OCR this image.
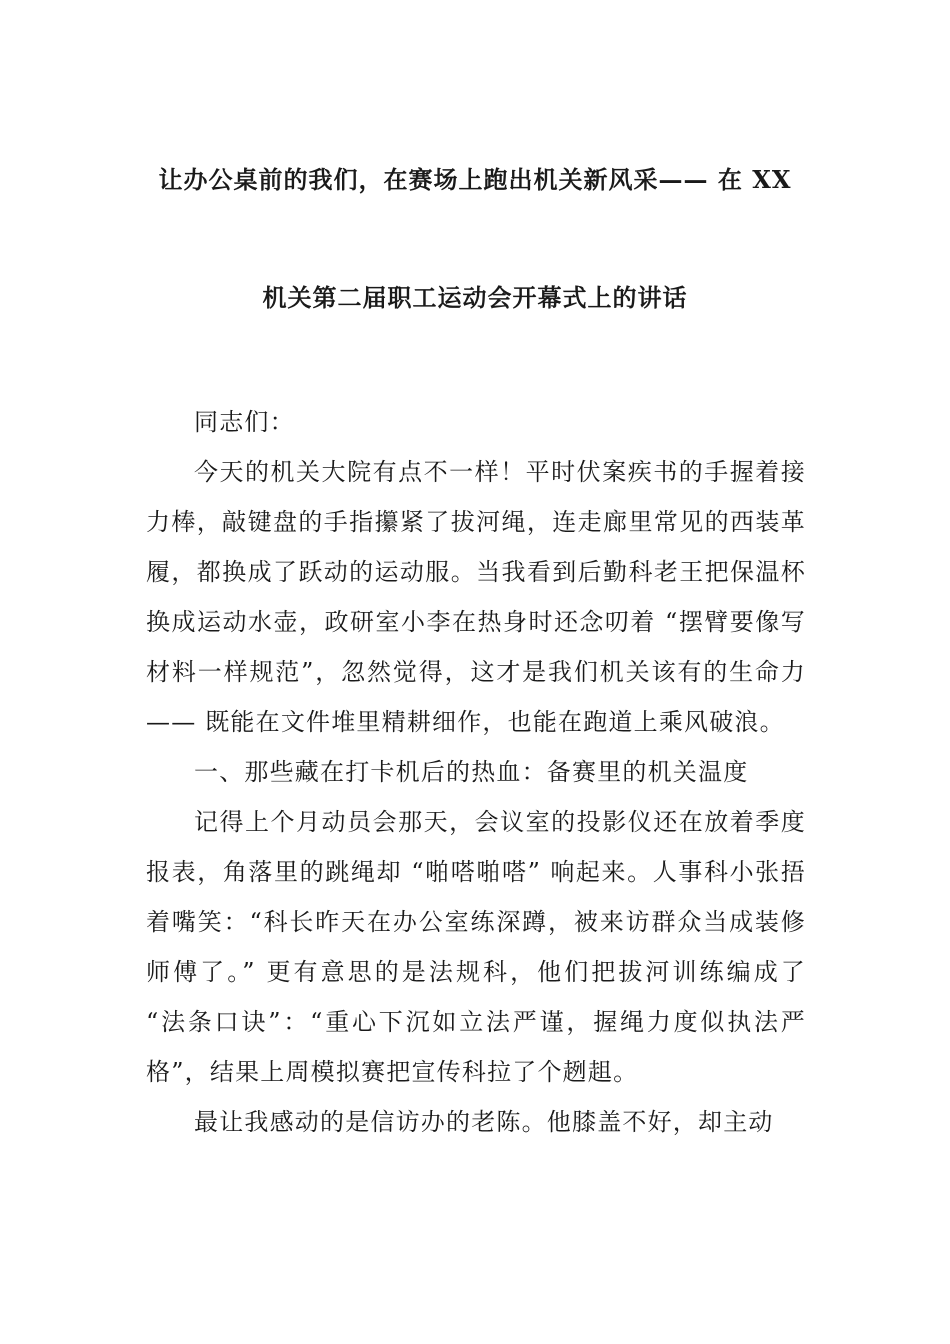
让办公桌前的我们，在赛场上跑出机关新风采—— 在 XX
机关第二届职工运动会开幕式上的讲话

同志们：

今天的机关大院有点不一样！平时伏案疾书的手握着接力棒，敲键盘的手指攥紧了拔河绳，连走廊里常见的西装革履，都换成了跃动的运动服。当我看到后勤科老王把保温杯换成运动水壶，政研室小李在热身时还念叨着 “摆臂要像写材料一样规范”，忽然觉得，这才是我们机关该有的生命力 —— 既能在文件堆里精耕细作，也能在跑道上乘风破浪。

一、那些藏在打卡机后的热血：备赛里的机关温度

记得上个月动员会那天，会议室的投影仪还在放着季度报表，角落里的跳绳却 “啪嗒啪嗒” 响起来。人事科小张捂着嘴笑：“科长昨天在办公室练深蹲，被来访群众当成装修师傅了。” 更有意思的是法规科，他们把拔河训练编成了 “法条口诀”：“重心下沉如立法严谨，握绳力度似执法严格”，结果上周模拟赛把宣传科拉了个趔趄。

最让我感动的是信访办的老陈。他膝盖不好，却主动
